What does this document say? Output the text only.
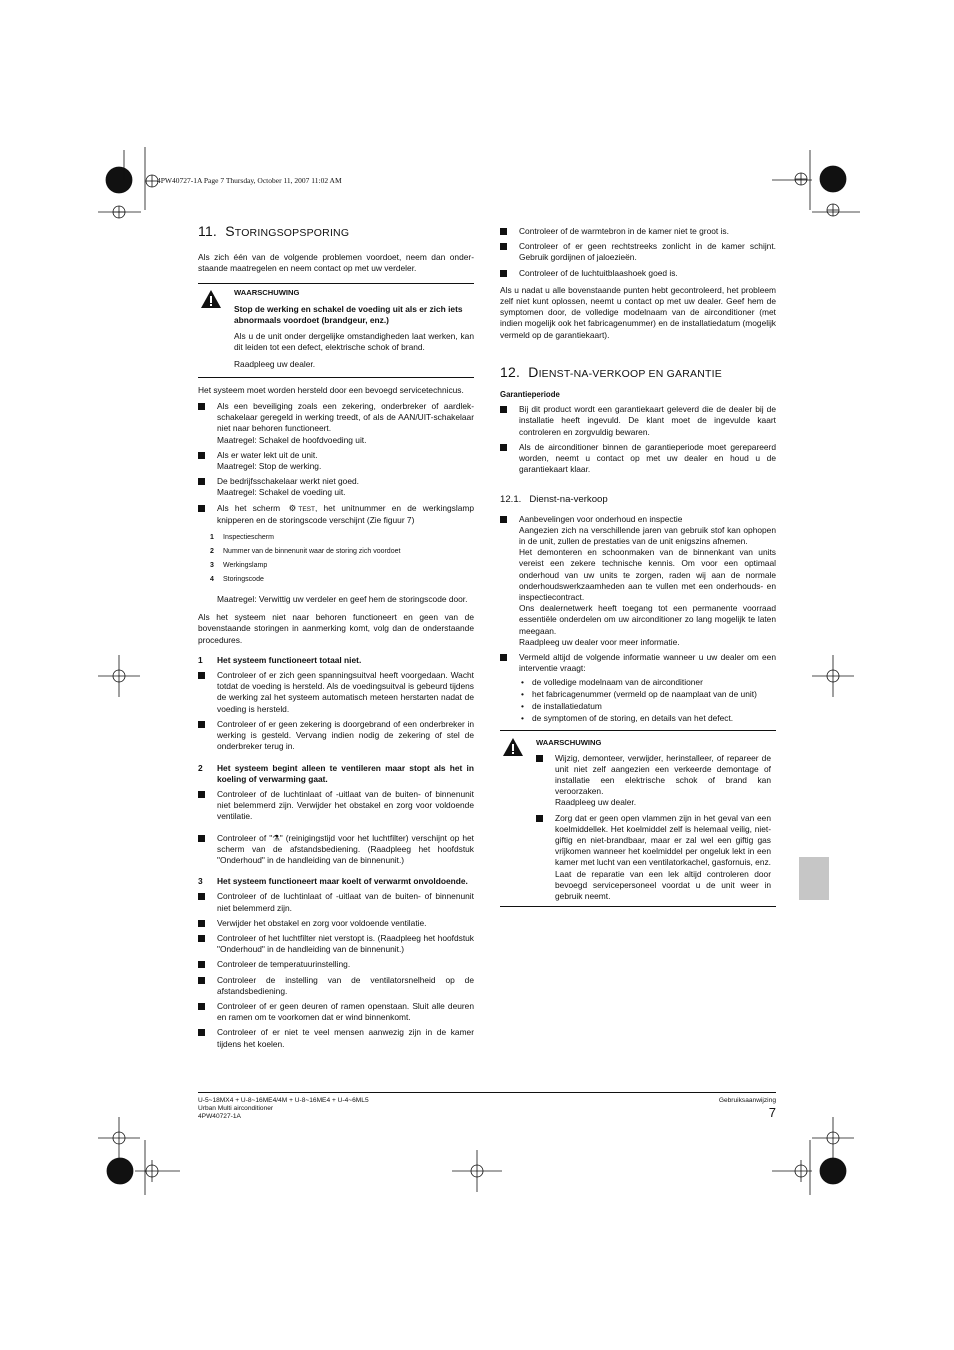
4PW40727-1A Page 7 Thursday, October 11, 2007 11:02 AM
11. STORINGSOPSPORING

Als zich één van de volgende problemen voordoet, neem dan onder-staande maatregelen en neem contact op met uw verdeler.

WAARSCHUWING

Stop de werking en schakel de voeding uit als er zich iets abnormaals voordoet (brandgeur, enz.)

Als u de unit onder dergelijke omstandigheden laat werken, kan dit leiden tot een defect, elektrische schok of brand.

Raadpleeg uw dealer.

Het systeem moet worden hersteld door een bevoegd servicetechnicus.

Als een beveiliging zoals een zekering, onderbreker of aardlek-schakelaar geregeld in werking treedt, of als de AAN/UIT-schakelaar niet naar behoren functioneert.
Maatregel: Schakel de hoofdvoeding uit.

Als er water lekt uit de unit.
Maatregel: Stop de werking.

De bedrijfsschakelaar werkt niet goed.
Maatregel: Schakel de voeding uit.

Als het scherm ⚙ TEST, het unitnummer en de werkingslamp knipperen en de storingscode verschijnt (Zie figuur 7)

1 Inspectiescherm
2 Nummer van de binnenunit waar de storing zich voordoet
3 Werkingslamp
4 Storingscode

Maatregel: Verwittig uw verdeler en geef hem de storingscode door.

Als het systeem niet naar behoren functioneert en geen van de bovenstaande storingen in aanmerking komt, volg dan de onderstaande procedures.

1 Het systeem functioneert totaal niet.

Controleer of er zich geen spanningsuitval heeft voorgedaan. Wacht totdat de voeding is hersteld. Als de voedingsuitval is gebeurd tijdens de werking zal het systeem automatisch meteen herstarten nadat de voeding is hersteld.

Controleer of er geen zekering is doorgebrand of een onderbreker in werking is gesteld. Vervang indien nodig de zekering of stel de onderbreker terug in.

2 Het systeem begint alleen te ventileren maar stopt als het in koeling of verwarming gaat.

Controleer of de luchtinlaat of -uitlaat van de buiten- of binnenunit niet belemmerd zijn. Verwijder het obstakel en zorg voor voldoende ventilatie.

Controleer of "⚗" (reinigingstijd voor het luchtfilter) verschijnt op het scherm van de afstandsbediening. (Raadpleeg het hoofdstuk "Onderhoud" in de handleiding van de binnenunit.)

3 Het systeem functioneert maar koelt of verwarmt onvoldoende.

Controleer of de luchtinlaat of -uitlaat van de buiten- of binnenunit niet belemmerd zijn.

Verwijder het obstakel en zorg voor voldoende ventilatie.

Controleer of het luchtfilter niet verstopt is. (Raadpleeg het hoofdstuk "Onderhoud" in de handleiding van de binnenunit.)

Controleer de temperatuurinstelling.

Controleer de instelling van de ventilatorsnelheid op de afstandsbediening.

Controleer of er geen deuren of ramen openstaan. Sluit alle deuren en ramen om te voorkomen dat er wind binnenkomt.

Controleer of er niet te veel mensen aanwezig zijn in de kamer tijdens het koelen.

Controleer of de warmtebron in de kamer niet te groot is.

Controleer of er geen rechtstreeks zonlicht in de kamer schijnt. Gebruik gordijnen of jaloezieën.

Controleer of de luchtuitblaashoek goed is.

Als u nadat u alle bovenstaande punten hebt gecontroleerd, het probleem zelf niet kunt oplossen, neemt u contact op met uw dealer. Geef hem de symptomen door, de volledige modelnaam van de airconditioner (met indien mogelijk ook het fabricagenummer) en de installatiedatum (mogelijk vermeld op de garantiekaart).

12. DIENST-NA-VERKOOP EN GARANTIE

Garantieperiode

Bij dit product wordt een garantiekaart geleverd die de dealer bij de installatie heeft ingevuld. De klant moet de ingevulde kaart controleren en zorgvuldig bewaren.

Als de airconditioner binnen de garantieperiode moet gerepareerd worden, neemt u contact op met uw dealer en houd u de garantiekaart klaar.

12.1. Dienst-na-verkoop

Aanbevelingen voor onderhoud en inspectie
Aangezien zich na verschillende jaren van gebruik stof kan ophopen in de unit, zullen de prestaties van de unit enigszins afnemen.
Het demonteren en schoonmaken van de binnenkant van units vereist een zekere technische kennis. Om voor een optimaal onderhoud van uw units te zorgen, raden wij aan de normale onderhoudswerkzaamheden aan te vullen met een onderhouds- en inspectiecontract.
Ons dealernetwerk heeft toegang tot een permanente voorraad essentiële onderdelen om uw airconditioner zo lang mogelijk te laten meegaan.
Raadpleeg uw dealer voor meer informatie.

Vermeld altijd de volgende informatie wanneer u uw dealer om een interventie vraagt:

• de volledige modelnaam van de airconditioner
• het fabricagenummer (vermeld op de naamplaat van de unit)
• de installatiedatum
• de symptomen of de storing, en details van het defect.

WAARSCHUWING

Wijzig, demonteer, verwijder, herinstalleer, of repareer de unit niet zelf aangezien een verkeerde demontage of installatie een elektrische schok of brand kan veroorzaken.
Raadpleeg uw dealer.

Zorg dat er geen open vlammen zijn in het geval van een koelmiddellek. Het koelmiddel zelf is helemaal veilig, niet-giftig en niet-brandbaar, maar er zal wel een giftig gas vrijkomen wanneer het koelmiddel per ongeluk lekt in een kamer met lucht van een ventilatorkachel, gasfornuis, enz.
Laat de reparatie van een lek altijd controleren door bevoegd servicepersoneel voordat u de unit weer in gebruik neemt.

U-5~18MX4 + U-8~16ME4/4M + U-8~16ME4 + U-4~6ML5
Urban Multi airconditioner
4PW40727-1A
Gebruiksaanwijzing
7
